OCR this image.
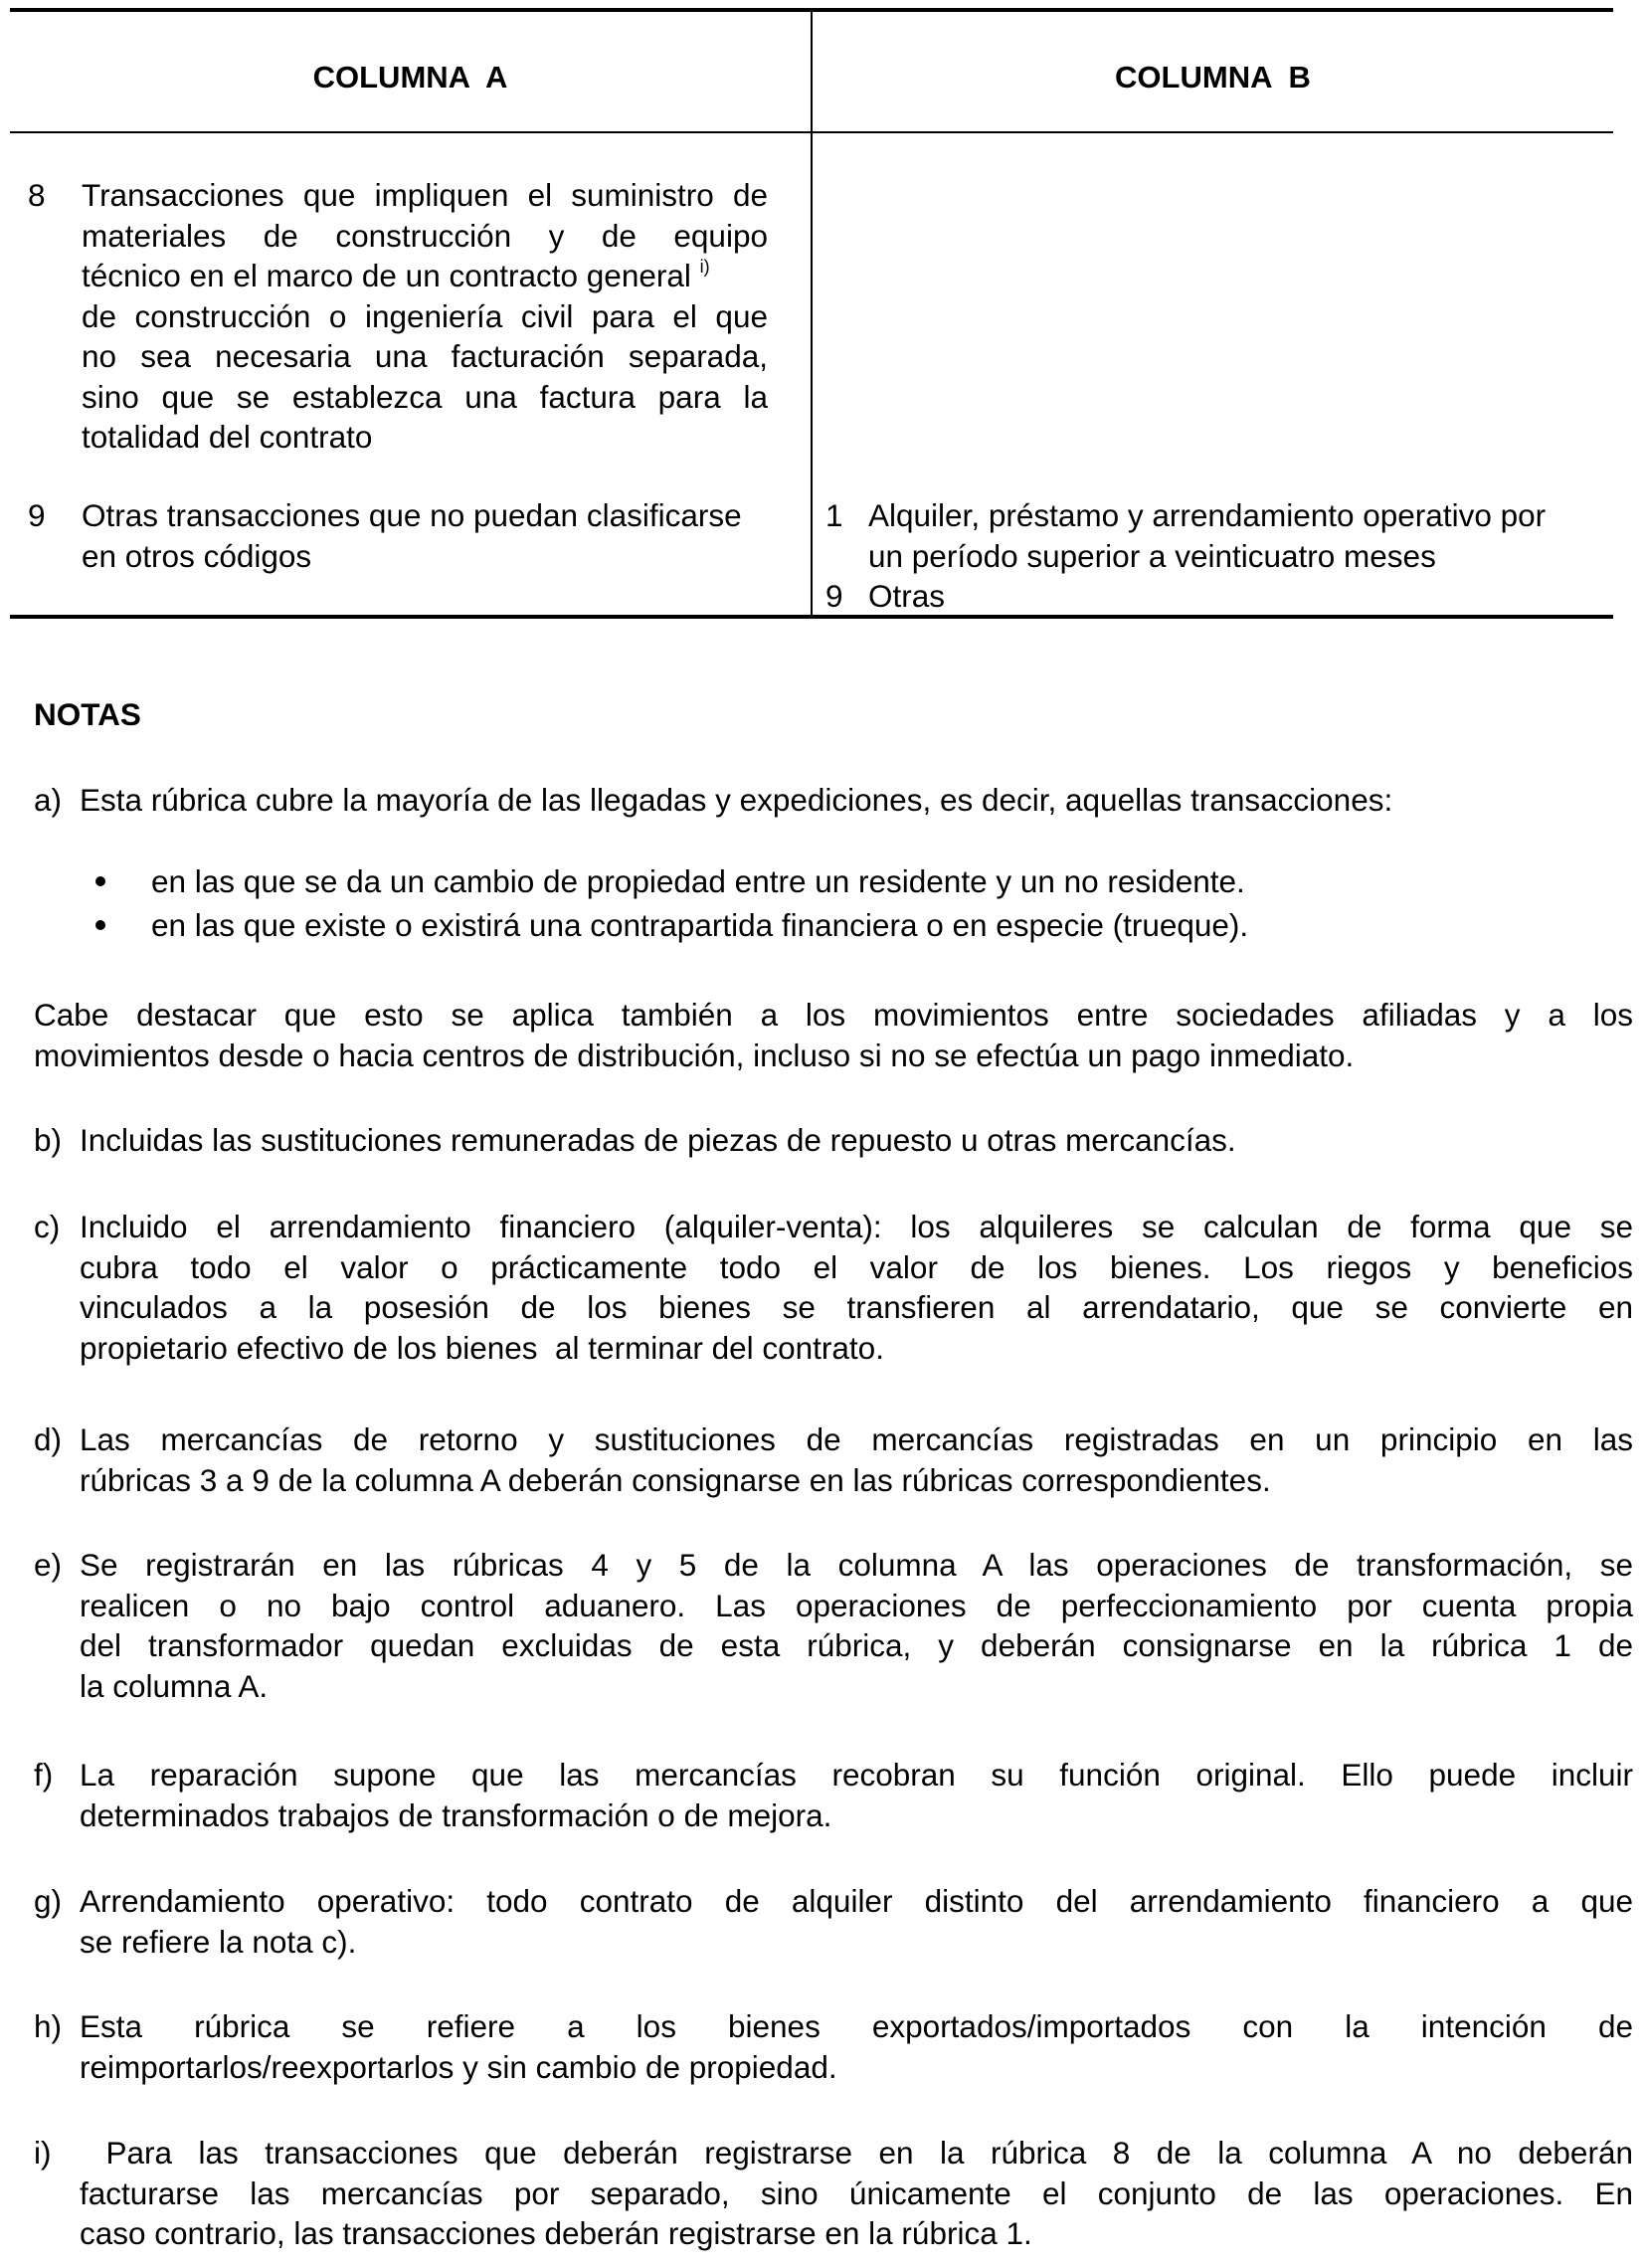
COLUMNA  A	COLUMNA  B
8 Transacciones que impliquen el suministro de
materiales de construcción y de equipo
técnico en el marco de un contracto general $^{i)}$
de construcción o ingeniería civil para el que
no sea necesaria una facturación separada,
sino que se establezca una factura para la
totalidad del contrato
9 Otras transacciones que no puedan clasificarse
en otros códigos
1 Alquiler, préstamo y arrendamiento operativo por
un período superior a veinticuatro meses
9 Otras
NOTAS
a) Esta rúbrica cubre la mayoría de las llegadas y expediciones, es decir, aquellas transacciones:
en las que se da un cambio de propiedad entre un residente y un no residente.
en las que existe o existirá una contrapartida financiera o en especie (trueque).
Cabe destacar que esto se aplica también a los movimientos entre sociedades afiliadas y a los
movimientos desde o hacia centros de distribución, incluso si no se efectúa un pago inmediato.
b) Incluidas las sustituciones remuneradas de piezas de repuesto u otras mercancías.
c) Incluido el arrendamiento financiero (alquiler-venta): los alquileres se calculan de forma que se
cubra todo el valor o prácticamente todo el valor de los bienes. Los riegos y beneficios
vinculados a la posesión de los bienes se transfieren al arrendatario, que se convierte en
propietario efectivo de los bienes  al terminar del contrato.
d) Las mercancías de retorno y sustituciones de mercancías registradas en un principio en las
rúbricas 3 a 9 de la columna A deberán consignarse en las rúbricas correspondientes.
e) Se registrarán en las rúbricas 4 y 5 de la columna A las operaciones de transformación, se
realicen o no bajo control aduanero. Las operaciones de perfeccionamiento por cuenta propia
del transformador quedan excluidas de esta rúbrica, y deberán consignarse en la rúbrica 1 de
la columna A.
f) La reparación supone que las mercancías recobran su función original. Ello puede incluir
determinados trabajos de transformación o de mejora.
g) Arrendamiento operativo: todo contrato de alquiler distinto del arrendamiento financiero a que
se refiere la nota c).
h) Esta rúbrica se refiere a los bienes exportados/importados con la intención de
reimportarlos/reexportarlos y sin cambio de propiedad.
i) Para las transacciones que deberán registrarse en la rúbrica 8 de la columna A no deberán
facturarse las mercancías por separado, sino únicamente el conjunto de las operaciones. En
caso contrario, las transacciones deberán registrarse en la rúbrica 1.
